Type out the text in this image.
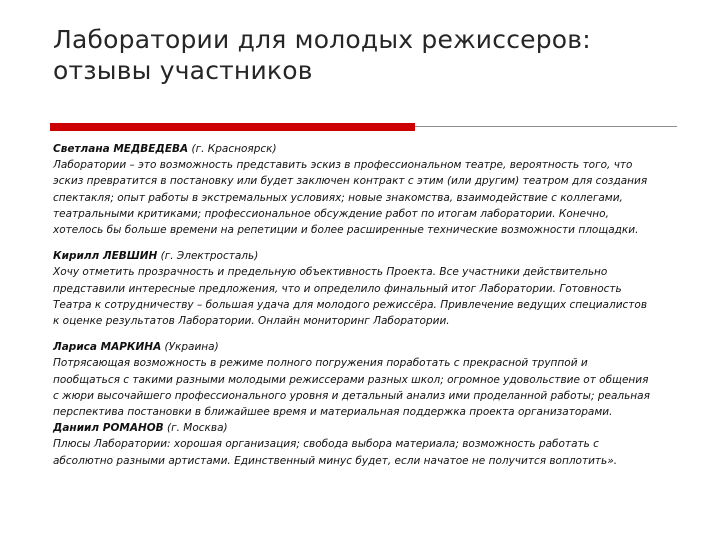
Лаборатории для молодых режиссеров:
отзывы участников

Светлана МЕДВЕДЕВА (г. Красноярск)

Лаборатории – это возможность представить эскиз в профессиональном театре, вероятность того, что

эскиз превратится в постановку или будет заключен контракт с этим (или другим) театром для создания

спектакля; опыт работы в экстремальных условиях; новые знакомства, взаимодействие с коллегами,

театральными критиками; профессиональное обсуждение работ по итогам лаборатории. Конечно,

хотелось бы больше времени на репетиции и более расширенные технические возможности площадки.

Кирилл ЛЕВШИН (г. Электросталь)

Хочу отметить прозрачность и предельную объективность Проекта. Все участники действительно

представили интересные предложения, что и определило финальный итог Лаборатории. Готовность

Театра к сотрудничеству – большая удача для молодого режиссёра. Привлечение ведущих специалистов

к оценке результатов Лаборатории. Онлайн мониторинг Лаборатории.

Лариса МАРКИНА (Украина)

Потрясающая возможность в режиме полного погружения поработать с прекрасной труппой и

пообщаться с такими разными молодыми режиссерами разных школ; огромное удовольствие от общения

с жюри высочайшего профессионального уровня и детальный анализ ими проделанной работы; реальная

перспектива постановки в ближайшее время и материальная поддержка проекта организаторами.

Даниил РОМАНОВ (г. Москва)

Плюсы Лаборатории: хорошая организация; свобода выбора материала; возможность работать с

абсолютно разными артистами. Единственный минус будет, если начатое не получится воплотить».
